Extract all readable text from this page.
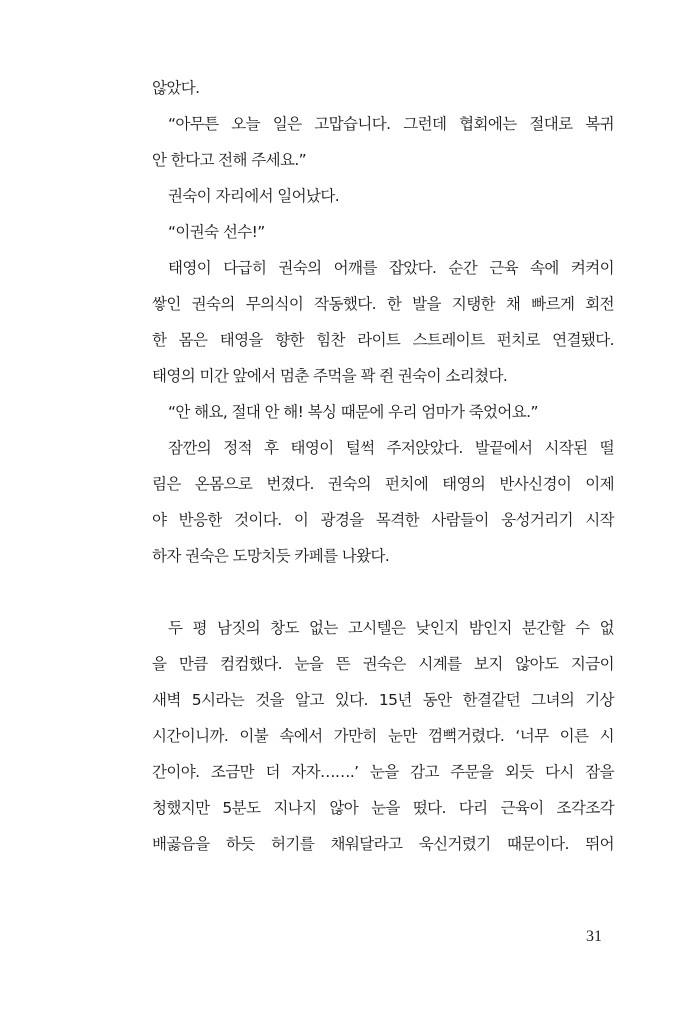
않았다.
“아무튼 오늘 일은 고맙습니다. 그런데 협회에는 절대로 복귀
안 한다고 전해 주세요.”
권숙이 자리에서 일어났다.
“이권숙 선수!”
태영이 다급히 권숙의 어깨를 잡았다. 순간 근육 속에 켜켜이
쌓인 권숙의 무의식이 작동했다. 한 발을 지탱한 채 빠르게 회전
한 몸은 태영을 향한 힘찬 라이트 스트레이트 펀치로 연결됐다.
태영의 미간 앞에서 멈춘 주먹을 꽉 쥔 권숙이 소리쳤다.
“안 해요, 절대 안 해! 복싱 때문에 우리 엄마가 죽었어요.”
잠깐의 정적 후 태영이 털썩 주저앉았다. 발끝에서 시작된 떨
림은 온몸으로 번졌다. 권숙의 펀치에 태영의 반사신경이 이제
야 반응한 것이다. 이 광경을 목격한 사람들이 웅성거리기 시작
하자 권숙은 도망치듯 카페를 나왔다.
두 평 남짓의 창도 없는 고시텔은 낮인지 밤인지 분간할 수 없
을 만큼 컴컴했다. 눈을 뜬 권숙은 시계를 보지 않아도 지금이
새벽 5시라는 것을 알고 있다. 15년 동안 한결같던 그녀의 기상
시간이니까. 이불 속에서 가만히 눈만 껌뻑거렸다. ‘너무 이른 시
간이야. 조금만 더 자자…….’ 눈을 감고 주문을 외듯 다시 잠을
청했지만 5분도 지나지 않아 눈을 떴다. 다리 근육이 조각조각
배곯음을 하듯 허기를 채워달라고 욱신거렸기 때문이다. 뛰어
31
